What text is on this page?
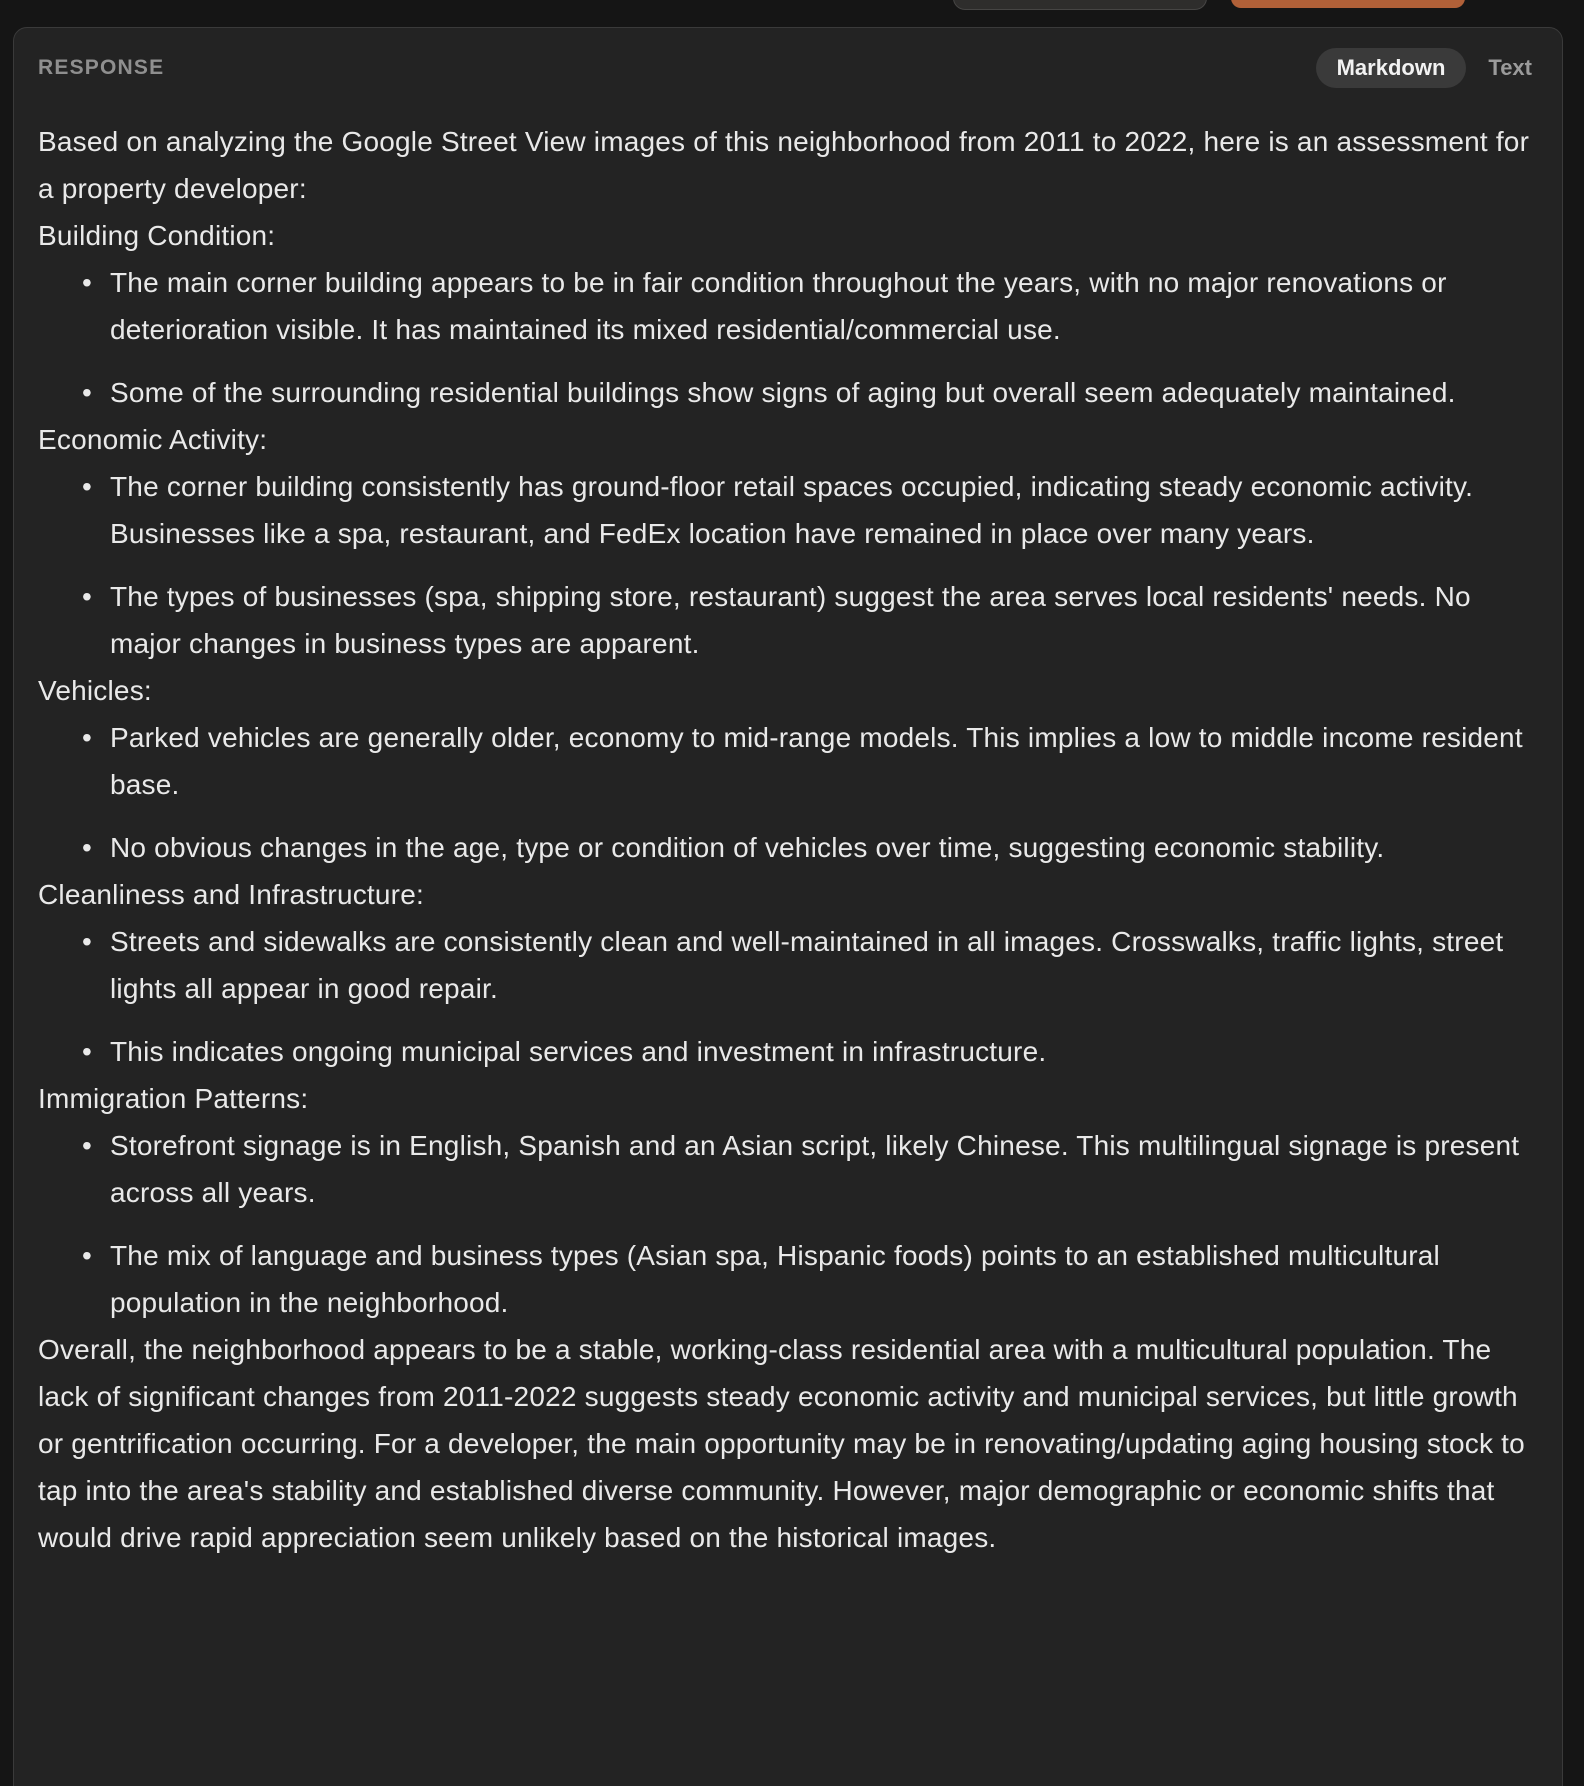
RESPONSE	Markdown	Text

Based on analyzing the Google Street View images of this neighborhood from 2011 to 2022, here is an assessment for a property developer:

Building Condition:

• The main corner building appears to be in fair condition throughout the years, with no major renovations or deterioration visible. It has maintained its mixed residential/commercial use.
• Some of the surrounding residential buildings show signs of aging but overall seem adequately maintained.

Economic Activity:

• The corner building consistently has ground-floor retail spaces occupied, indicating steady economic activity. Businesses like a spa, restaurant, and FedEx location have remained in place over many years.
• The types of businesses (spa, shipping store, restaurant) suggest the area serves local residents' needs. No major changes in business types are apparent.

Vehicles:

• Parked vehicles are generally older, economy to mid-range models. This implies a low to middle income resident base.
• No obvious changes in the age, type or condition of vehicles over time, suggesting economic stability.

Cleanliness and Infrastructure:

• Streets and sidewalks are consistently clean and well-maintained in all images. Crosswalks, traffic lights, street lights all appear in good repair.
• This indicates ongoing municipal services and investment in infrastructure.

Immigration Patterns:

• Storefront signage is in English, Spanish and an Asian script, likely Chinese. This multilingual signage is present across all years.
• The mix of language and business types (Asian spa, Hispanic foods) points to an established multicultural population in the neighborhood.

Overall, the neighborhood appears to be a stable, working-class residential area with a multicultural population. The lack of significant changes from 2011-2022 suggests steady economic activity and municipal services, but little growth or gentrification occurring. For a developer, the main opportunity may be in renovating/updating aging housing stock to tap into the area's stability and established diverse community. However, major demographic or economic shifts that would drive rapid appreciation seem unlikely based on the historical images.
